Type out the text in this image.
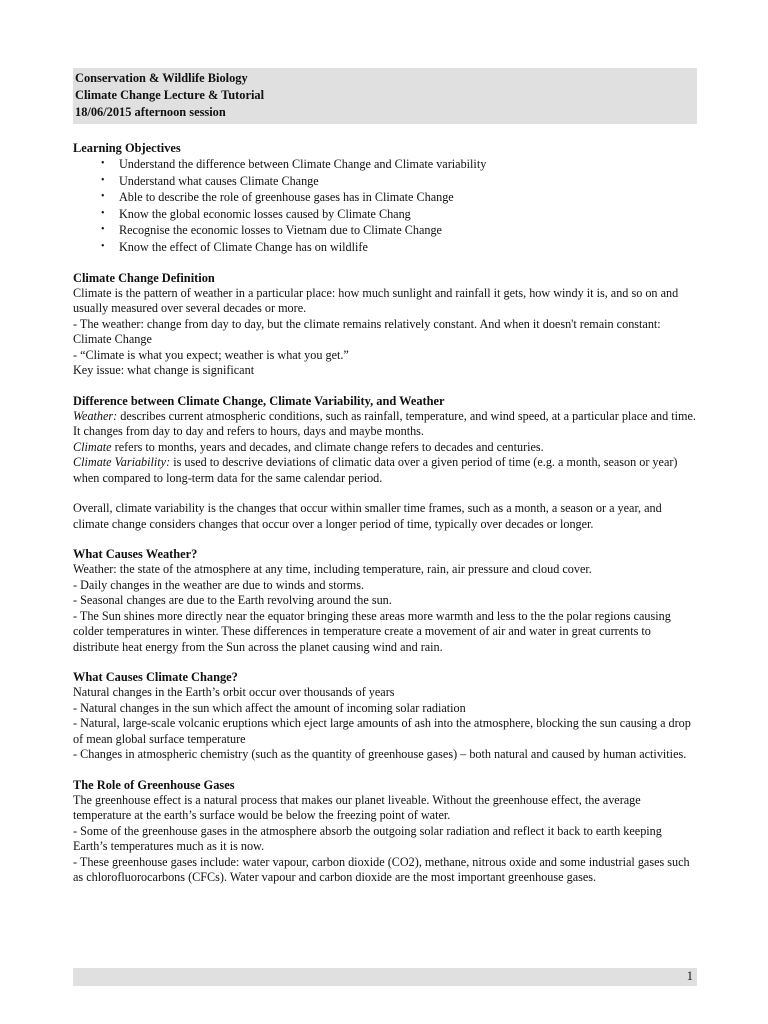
Conservation & Wildlife Biology
Climate Change Lecture & Tutorial
18/06/2015 afternoon session
Learning Objectives
• Understand the difference between Climate Change and Climate variability
• Understand what causes Climate Change
• Able to describe the role of greenhouse gases has in Climate Change
• Know the global economic losses caused by Climate Chang
• Recognise the economic losses to Vietnam due to Climate Change
• Know the effect of Climate Change has on wildlife
Climate Change Definition

Climate is the pattern of weather in a particular place: how much sunlight and rainfall it gets, how windy it is, and so on and usually measured over several decades or more.

- The weather: change from day to day, but the climate remains relatively constant. And when it doesn't remain constant: Climate Change

- “Climate is what you expect; weather is what you get.”

Key issue: what change is significant

Difference between Climate Change, Climate Variability, and Weather

Weather: describes current atmospheric conditions, such as rainfall, temperature, and wind speed, at a particular place and time. It changes from day to day and refers to hours, days and maybe months.

Climate refers to months, years and decades, and climate change refers to decades and centuries.

Climate Variability: is used to descrive deviations of climatic data over a given period of time (e.g. a month, season or year) when compared to long-term data for the same calendar period.

Overall, climate variability is the changes that occur within smaller time frames, such as a month, a season or a year, and climate change considers changes that occur over a longer period of time, typically over decades or longer.

What Causes Weather?

Weather: the state of the atmosphere at any time, including temperature, rain, air pressure and cloud cover.

- Daily changes in the weather are due to winds and storms.

- Seasonal changes are due to the Earth revolving around the sun.

- The Sun shines more directly near the equator bringing these areas more warmth and less to the the polar regions causing colder temperatures in winter. These differences in temperature create a movement of air and water in great currents to distribute heat energy from the Sun across the planet causing wind and rain.

What Causes Climate Change?

Natural changes in the Earth’s orbit occur over thousands of years

- Natural changes in the sun which affect the amount of incoming solar radiation

- Natural, large-scale volcanic eruptions which eject large amounts of ash into the atmosphere, blocking the sun causing a drop of mean global surface temperature

- Changes in atmospheric chemistry (such as the quantity of greenhouse gases) – both natural and caused by human activities.

The Role of Greenhouse Gases

The greenhouse effect is a natural process that makes our planet liveable. Without the greenhouse effect, the average temperature at the earth’s surface would be below the freezing point of water.

- Some of the greenhouse gases in the atmosphere absorb the outgoing solar radiation and reflect it back to earth keeping Earth’s temperatures much as it is now.

- These greenhouse gases include: water vapour, carbon dioxide (CO2), methane, nitrous oxide and some industrial gases such as chlorofluorocarbons (CFCs). Water vapour and carbon dioxide are the most important greenhouse gases.

1
